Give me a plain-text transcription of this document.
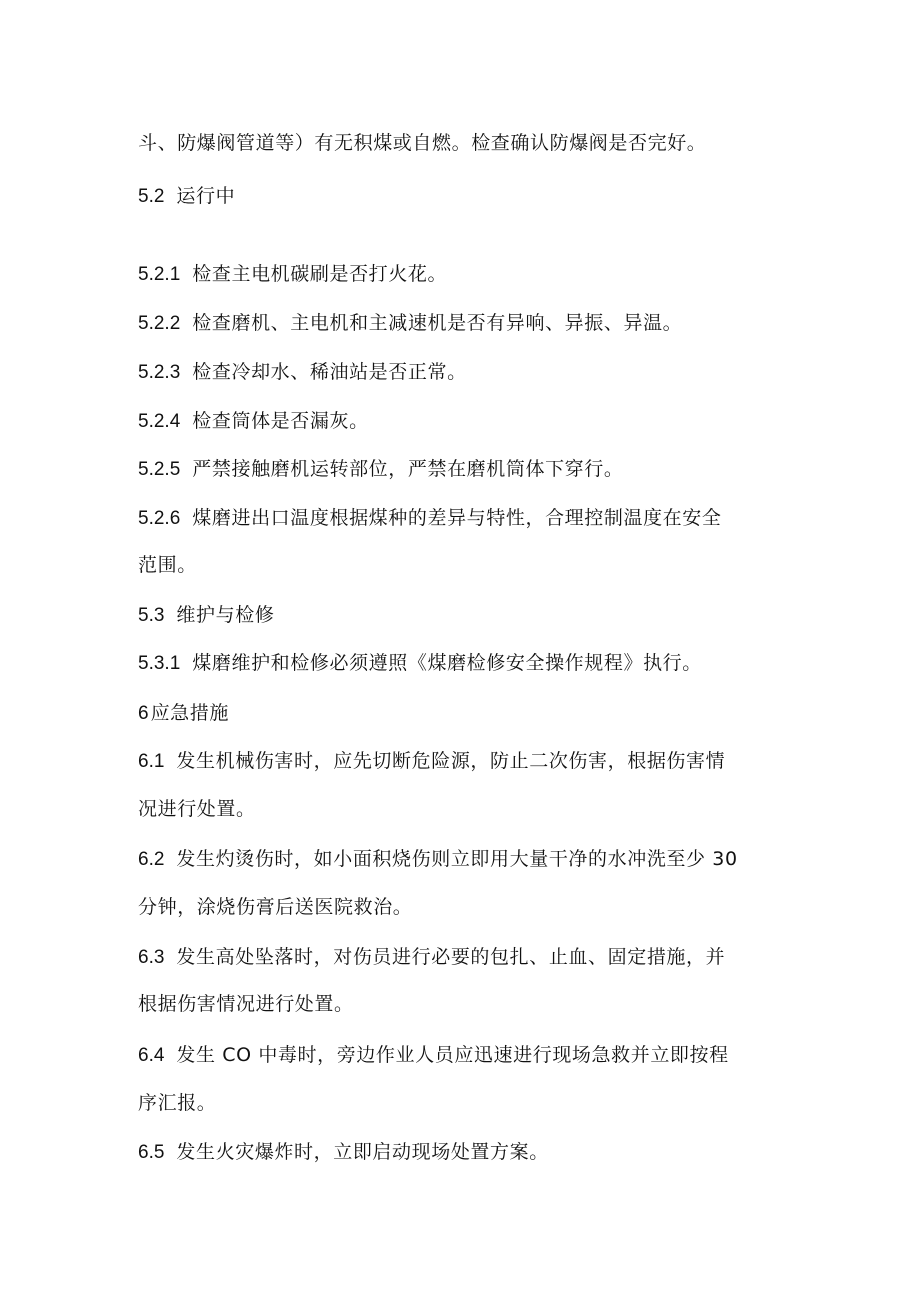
斗、防爆阀管道等）有无积煤或自燃。检查确认防爆阀是否完好。
5.2 运行中
5.2.1 检查主电机碳刷是否打火花。
5.2.2 检查磨机、主电机和主减速机是否有异响、异振、异温。
5.2.3 检查冷却水、稀油站是否正常。
5.2.4 检查筒体是否漏灰。
5.2.5 严禁接触磨机运转部位，严禁在磨机筒体下穿行。
5.2.6 煤磨进出口温度根据煤种的差异与特性，合理控制温度在安全
范围。
5.3 维护与检修
5.3.1 煤磨维护和检修必须遵照《煤磨检修安全操作规程》执行。
6 应急措施
6.1 发生机械伤害时，应先切断危险源，防止二次伤害，根据伤害情
况进行处置。
6.2 发生灼烫伤时，如小面积烧伤则立即用大量干净的水冲洗至少 30
分钟，涂烧伤膏后送医院救治。
6.3 发生高处坠落时，对伤员进行必要的包扎、止血、固定措施，并
根据伤害情况进行处置。
6.4 发生 CO 中毒时，旁边作业人员应迅速进行现场急救并立即按程
序汇报。
6.5 发生火灾爆炸时，立即启动现场处置方案。
